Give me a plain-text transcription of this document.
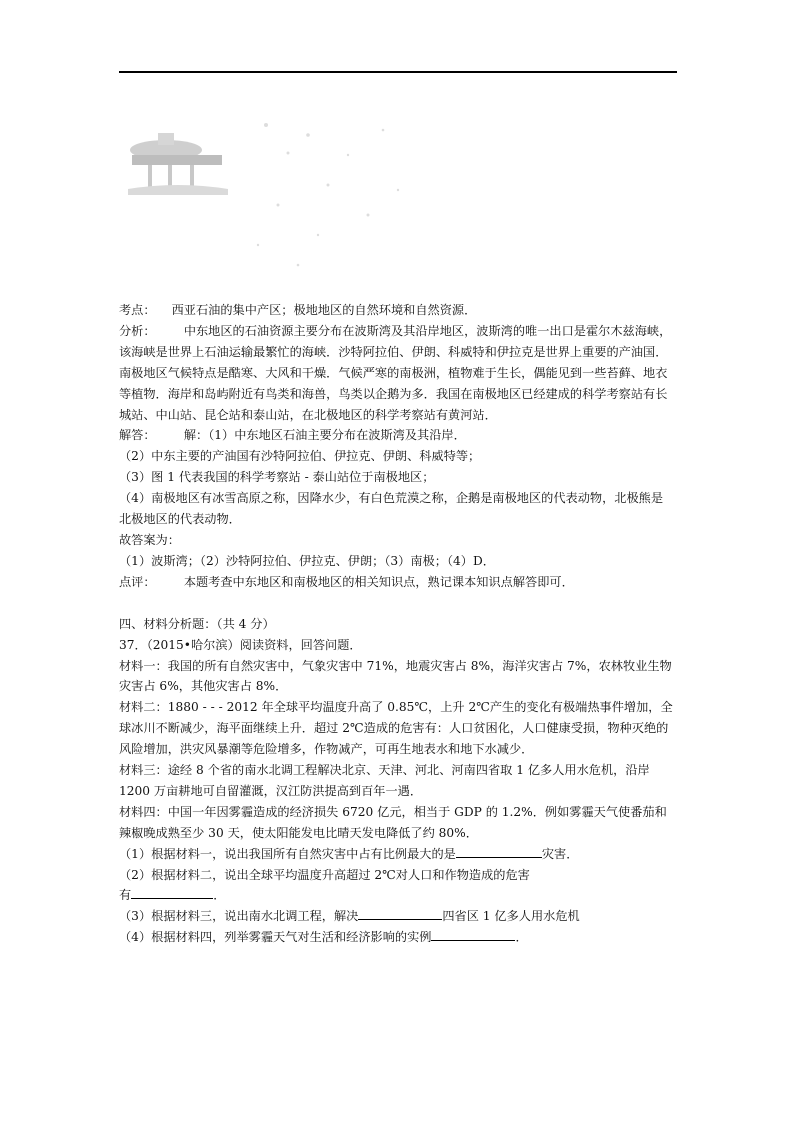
考点：　 西亚石油的集中产区；极地地区的自然环境和自然资源．

分析：　　 中东地区的石油资源主要分布在波斯湾及其沿岸地区，波斯湾的唯一出口是霍尔木兹海峡，该海峡是世界上石油运输最繁忙的海峡．沙特阿拉伯、伊朗、科威特和伊拉克是世界上重要的产油国．南极地区气候特点是酷寒、大风和干燥．气候严寒的南极洲，植物难于生长，偶能见到一些苔藓、地衣等植物．海岸和岛屿附近有鸟类和海兽，鸟类以企鹅为多．我国在南极地区已经建成的科学考察站有长城站、中山站、昆仑站和泰山站，在北极地区的科学考察站有黄河站．

解答：　　 解：（1）中东地区石油主要分布在波斯湾及其沿岸．

（2）中东主要的产油国有沙特阿拉伯、伊拉克、伊朗、科威特等；

（3）图 1 代表我国的科学考察站 - 泰山站位于南极地区；

（4）南极地区有冰雪高原之称，因降水少，有白色荒漠之称，企鹅是南极地区的代表动物，北极熊是北极地区的代表动物．

故答案为：

（1）波斯湾；（2）沙特阿拉伯、伊拉克、伊朗；（3）南极；（4）D．

点评：　　 本题考查中东地区和南极地区的相关知识点，熟记课本知识点解答即可．

四、材料分析题：（共 4 分）

37．（2015•哈尔滨）阅读资料，回答问题．

材料一：我国的所有自然灾害中，气象灾害中 71%，地震灾害占 8%，海洋灾害占 7%，农林牧业生物灾害占 6%，其他灾害占 8%．

材料二：1880 - - - 2012 年全球平均温度升高了 0.85℃，上升 2℃产生的变化有极端热事件增加，全球冰川不断减少，海平面继续上升．超过 2℃造成的危害有：人口贫困化，人口健康受损，物种灭绝的风险增加，洪灾风暴潮等危险增多，作物减产，可再生地表水和地下水减少．

材料三：途经 8 个省的南水北调工程解决北京、天津、河北、河南四省取 1 亿多人用水危机，沿岸 1200 万亩耕地可自留灌溉，汉江防洪提高到百年一遇．

材料四：中国一年因雾霾造成的经济损失 6720 亿元，相当于 GDP 的 1.2%．例如雾霾天气使番茄和辣椒晚成熟至少 30 天，使太阳能发电比晴天发电降低了约 80%．

（1）根据材料一，说出我国所有自然灾害中占有比例最大的是	灾害．

（2）根据材料二，说出全球平均温度升高超过 2℃对人口和作物造成的危害

有	．

（3）根据材料三，说出南水北调工程，解决	四省区 1 亿多人用水危机

（4）根据材料四，列举雾霾天气对生活和经济影响的实例	．
